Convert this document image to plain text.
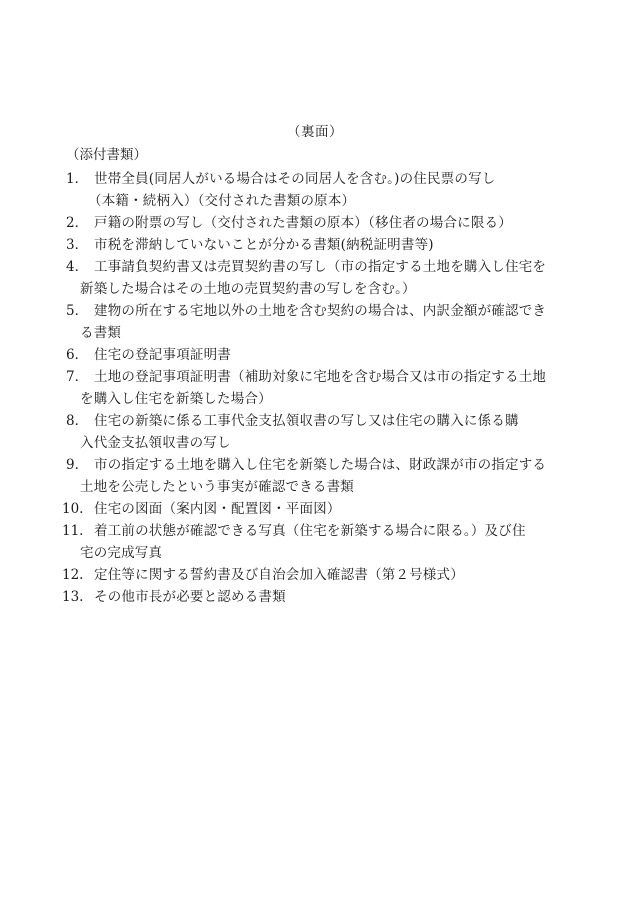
（裏面）
（添付書類）
1． 世帯全員(同居人がいる場合はその同居人を含む。)の住民票の写し
（本籍・続柄入）（交付された書類の原本）
2． 戸籍の附票の写し（交付された書類の原本）（移住者の場合に限る）
3． 市税を滞納していないことが分かる書類(納税証明書等)
4． 工事請負契約書又は売買契約書の写し（市の指定する土地を購入し住宅を
新築した場合はその土地の売買契約書の写しを含む。）
5． 建物の所在する宅地以外の土地を含む契約の場合は、内訳金額が確認でき
る書類
6． 住宅の登記事項証明書
7． 土地の登記事項証明書（補助対象に宅地を含む場合又は市の指定する土地
を購入し住宅を新築した場合）
8． 住宅の新築に係る工事代金支払領収書の写し又は住宅の購入に係る購
入代金支払領収書の写し
9． 市の指定する土地を購入し住宅を新築した場合は、財政課が市の指定する
土地を公売したという事実が確認できる書類
10. 住宅の図面（案内図・配置図・平面図）
11. 着工前の状態が確認できる写真（住宅を新築する場合に限る。）及び住
宅の完成写真
12. 定住等に関する誓約書及び自治会加入確認書（第２号様式）
13. その他市長が必要と認める書類
